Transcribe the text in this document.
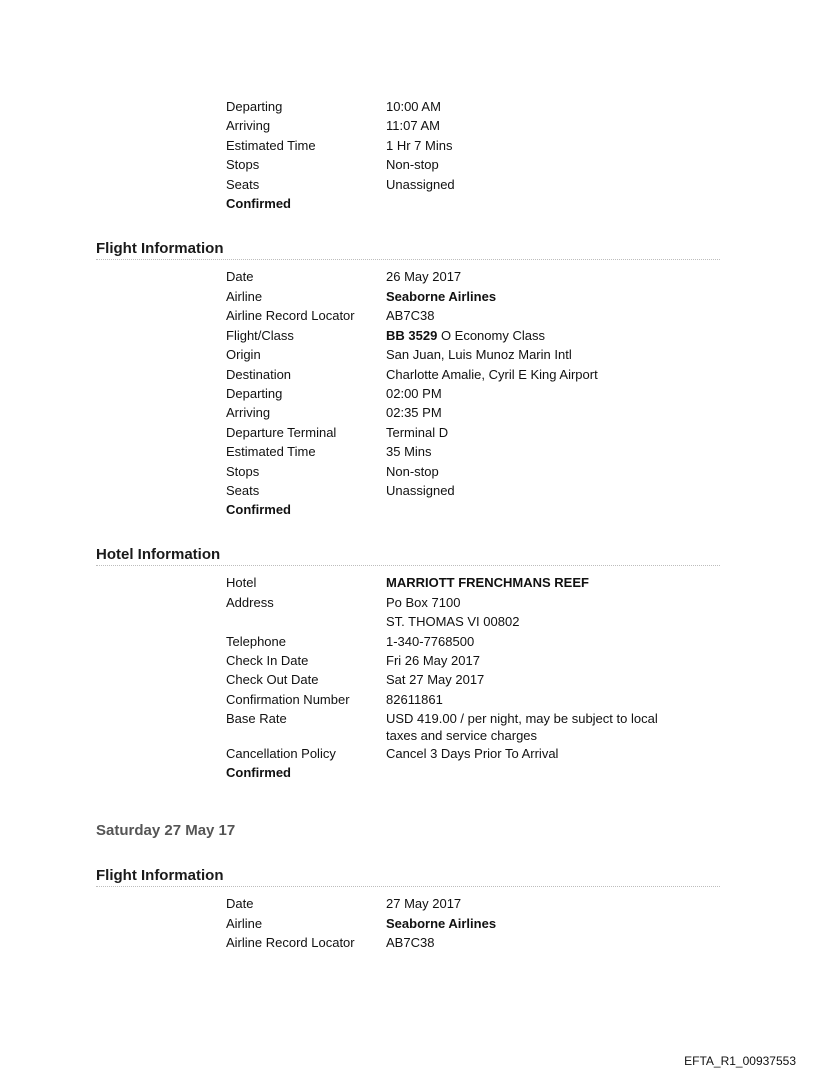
Departing	10:00 AM
Arriving	11:07 AM
Estimated Time	1 Hr 7 Mins
Stops	Non-stop
Seats	Unassigned
Confirmed
Flight Information
Date	26 May 2017
Airline	Seaborne Airlines
Airline Record Locator AB7C38
Flight/Class	BB 3529 O Economy Class
Origin	San Juan, Luis Munoz Marin Intl
Destination	Charlotte Amalie, Cyril E King Airport
Departing	02:00 PM
Arriving	02:35 PM
Departure Terminal	Terminal D
Estimated Time	35 Mins
Stops	Non-stop
Seats	Unassigned
Confirmed
Hotel Information
Hotel	MARRIOTT FRENCHMANS REEF
Address	Po Box 7100
ST. THOMAS VI 00802
Telephone	1-340-7768500
Check In Date	Fri 26 May 2017
Check Out Date	Sat 27 May 2017
Confirmation Number	82611861
Base Rate	USD 419.00 / per night, may be subject to local taxes and service charges
Cancellation Policy	Cancel 3 Days Prior To Arrival
Confirmed
Saturday 27 May 17
Flight Information
Date	27 May 2017
Airline	Seaborne Airlines
Airline Record Locator AB7C38
EFTA_R1_00937553
